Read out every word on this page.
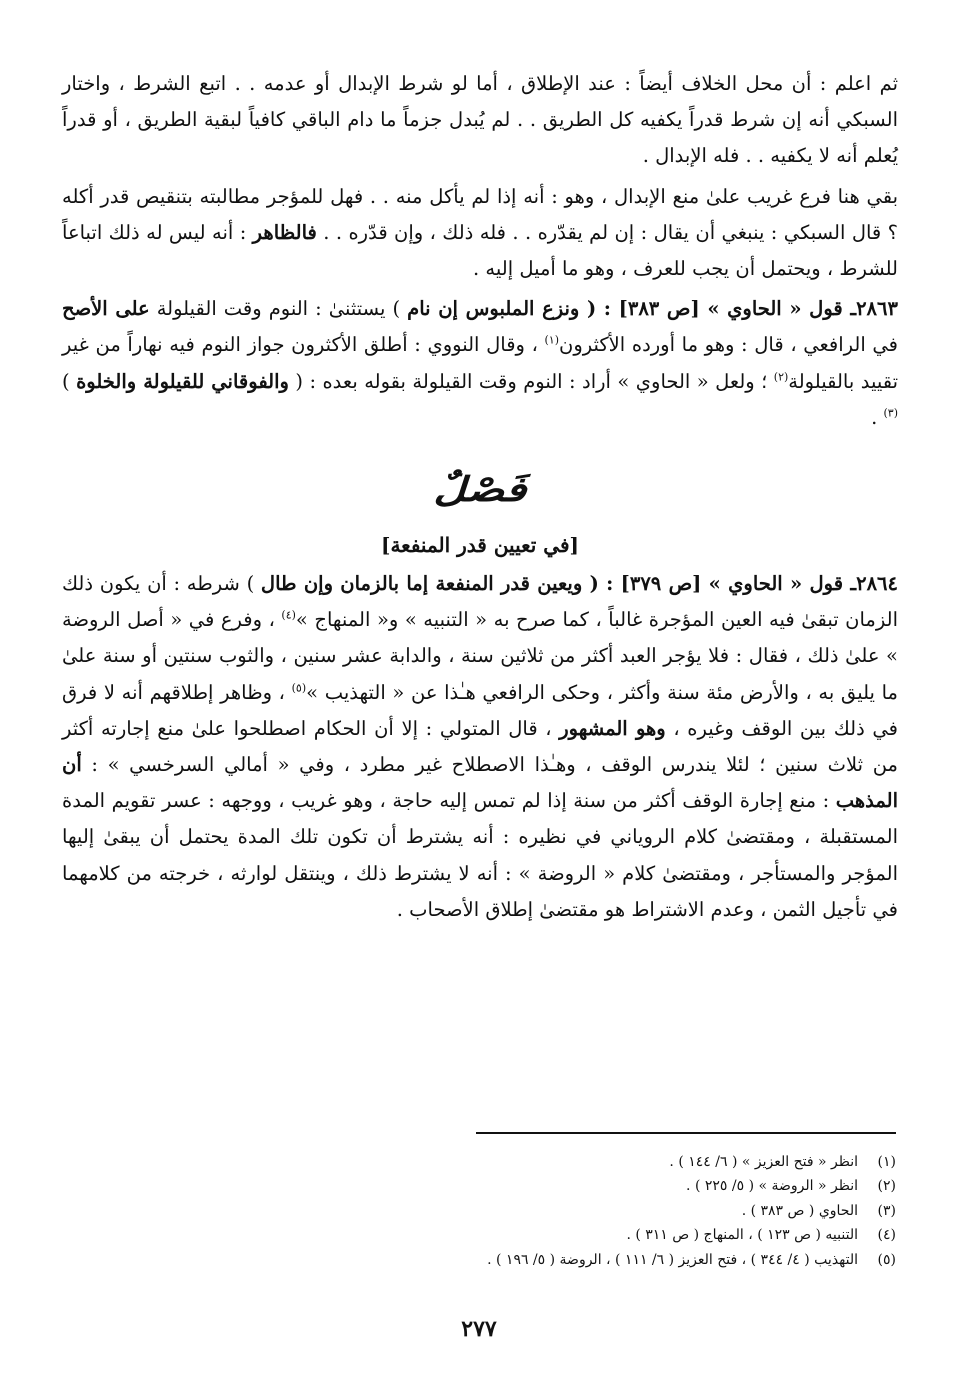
ثم اعلم : أن محل الخلاف أيضاً : عند الإطلاق ، أما لو شرط الإبدال أو عدمه . . اتبع الشرط ، واختار السبكي أنه إن شرط قدراً يكفيه كل الطريق . . لم يُبدل جزماً ما دام الباقي كافياً لبقية الطريق ، أو قدراً يُعلم أنه لا يكفيه . . فله الإبدال .

بقي هنا فرع غريب علىٰ منع الإبدال ، وهو : أنه إذا لم يأكل منه . . فهل للمؤجر مطالبته بتنقيص قدر أكله ؟ قال السبكي : ينبغي أن يقال : إن لم يقدّره . . فله ذلك ، وإن قدّره . . فالظاهر : أنه ليس له ذلك اتباعاً للشرط ، ويحتمل أن يجب للعرف ، وهو ما أميل إليه .

٢٨٦٣ـ قول « الحاوي » [ص ٣٨٣] : ( ونزع الملبوس إن نام ) يستثنىٰ : النوم وقت القيلولة على الأصح في الرافعي ، قال : وهو ما أورده الأكثرون$^{(١)}$ ، وقال النووي : أطلق الأكثرون جواز النوم فيه نهاراً من غير تقييد بالقيلولة$^{(٢)}$ ؛ ولعل « الحاوي » أراد : النوم وقت القيلولة بقوله بعده : ( والفوقاني للقيلولة والخلوة )$^{(٣)}$ .

فَصْلٌ
[في تعيين قدر المنفعة]

٢٨٦٤ـ قول « الحاوي » [ص ٣٧٩] : ( ويعين قدر المنفعة إما بالزمان وإن طال ) شرطه : أن يكون ذلك الزمان تبقىٰ فيه العين المؤجرة غالباً ، كما صرح به « التنبيه » و« المنهاج »$^{(٤)}$ ، وفرع في « أصل الروضة » علىٰ ذلك ، فقال : فلا يؤجر العبد أكثر من ثلاثين سنة ، والدابة عشر سنين ، والثوب سنتين أو سنة علىٰ ما يليق به ، والأرض مئة سنة وأكثر ، وحكى الرافعي هـٰذا عن « التهذيب »$^{(٥)}$ ، وظاهر إطلاقهم أنه لا فرق في ذلك بين الوقف وغيره ، وهو المشهور ، قال المتولي : إلا أن الحكام اصطلحوا علىٰ منع إجارته أكثر من ثلاث سنين ؛ لئلا يندرس الوقف ، وهـٰذا الاصطلاح غير مطرد ، وفي « أمالي السرخسي » : أن المذهب : منع إجارة الوقف أكثر من سنة إذا لم تمس إليه حاجة ، وهو غريب ، ووجهه : عسر تقويم المدة المستقبلة ، ومقتضىٰ كلام الروياني في نظيره : أنه يشترط أن تكون تلك المدة يحتمل أن يبقىٰ إليها المؤجر والمستأجر ، ومقتضىٰ كلام « الروضة » : أنه لا يشترط ذلك ، وينتقل لوارثه ، خرجته من كلامهما في تأجيل الثمن ، وعدم الاشتراط هو مقتضىٰ إطلاق الأصحاب .

(١)
انظر « فتح العزيز » ( ٦/ ١٤٤ ) .
(٢)
انظر « الروضة » ( ٥/ ٢٢٥ ) .
(٣)
الحاوي ( ص ٣٨٣ ) .
(٤)
التنبيه ( ص ١٢٣ ) ، المنهاج ( ص ٣١١ ) .
(٥)
التهذيب ( ٤/ ٣٤٤ ) ، فتح العزيز ( ٦/ ١١١ ) ، الروضة ( ٥/ ١٩٦ ) .
٢٧٧
